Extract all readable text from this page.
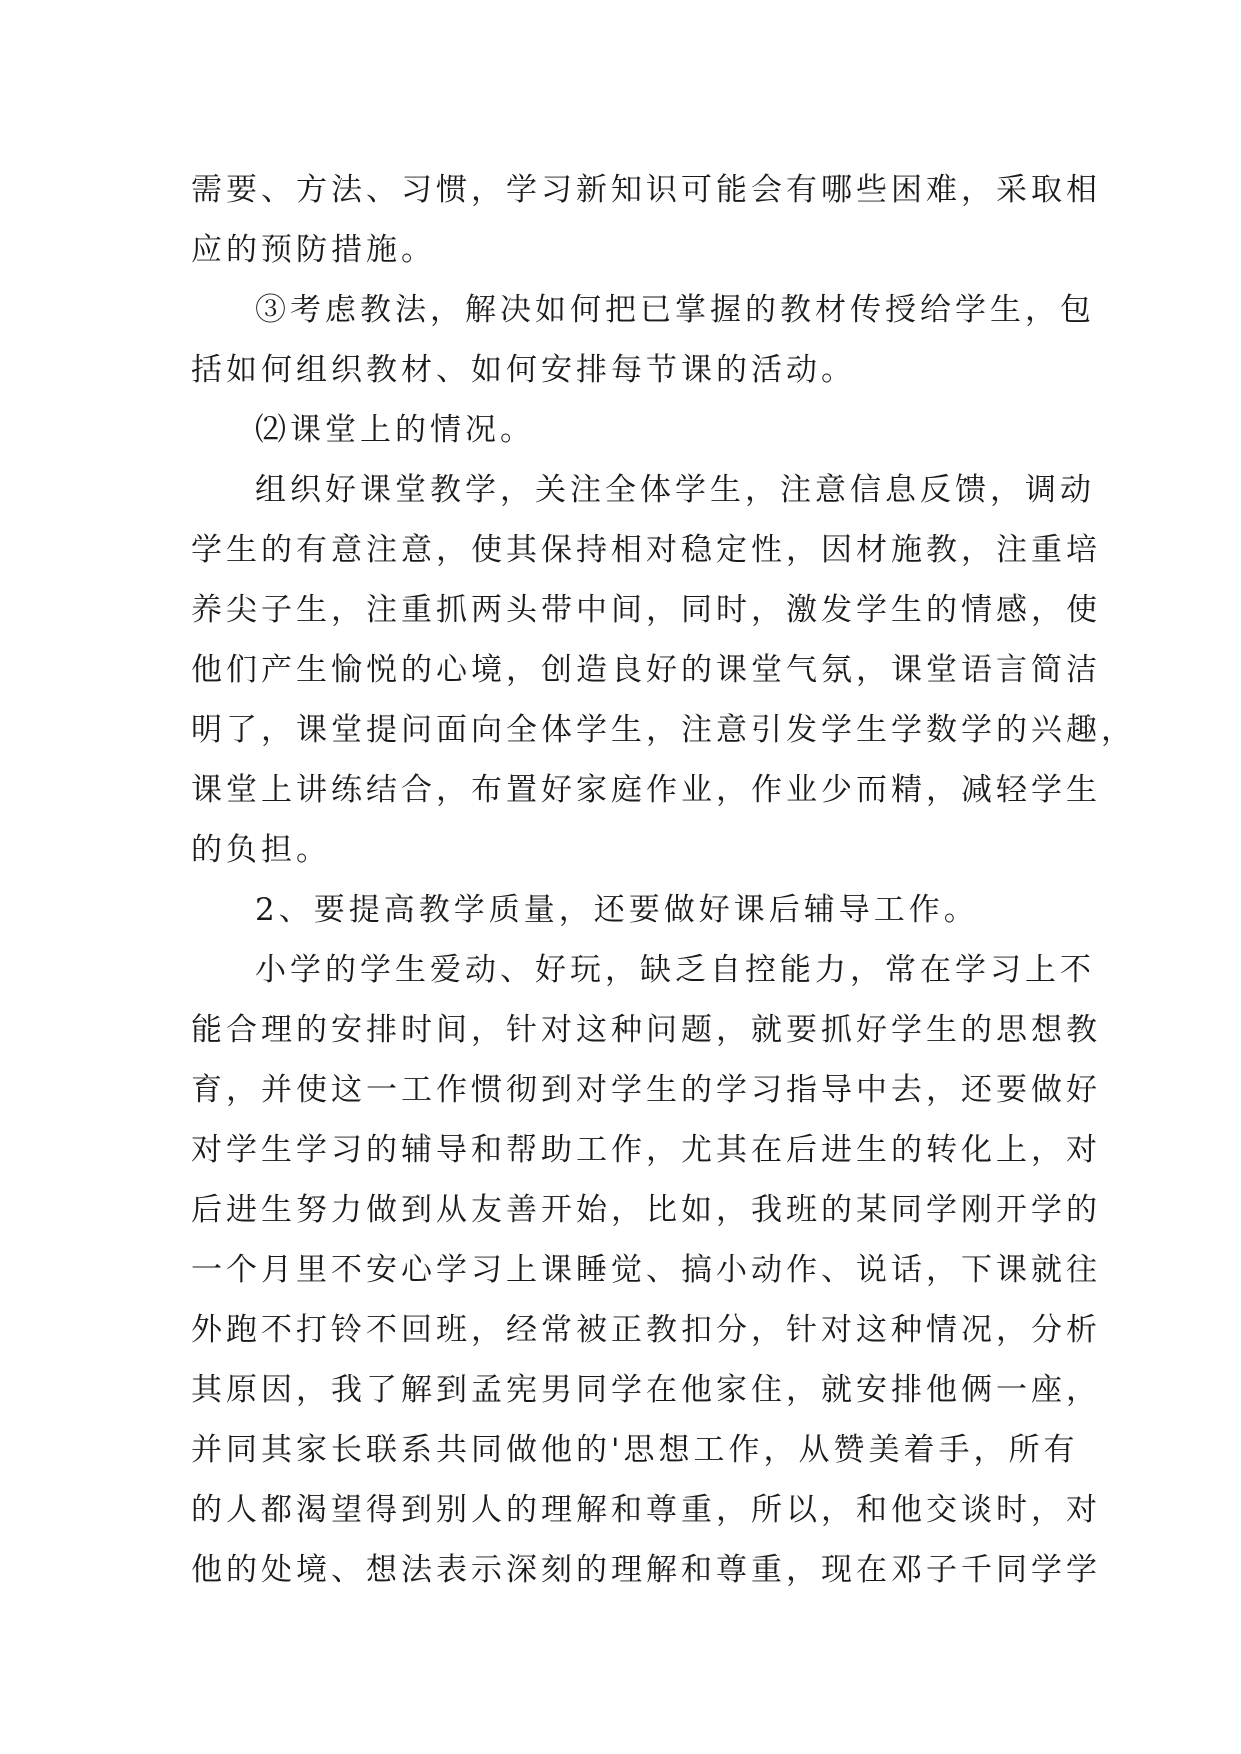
需要、方法、习惯，学习新知识可能会有哪些困难，采取相
应的预防措施。
③考虑教法，解决如何把已掌握的教材传授给学生，包
括如何组织教材、如何安排每节课的活动。
⑵课堂上的情况。
组织好课堂教学，关注全体学生，注意信息反馈，调动
学生的有意注意，使其保持相对稳定性，因材施教，注重培
养尖子生，注重抓两头带中间，同时，激发学生的情感，使
他们产生愉悦的心境，创造良好的课堂气氛，课堂语言简洁
明了，课堂提问面向全体学生，注意引发学生学数学的兴趣，
课堂上讲练结合，布置好家庭作业，作业少而精，减轻学生
的负担。
2、要提高教学质量，还要做好课后辅导工作。
小学的学生爱动、好玩，缺乏自控能力，常在学习上不
能合理的安排时间，针对这种问题，就要抓好学生的思想教
育，并使这一工作惯彻到对学生的学习指导中去，还要做好
对学生学习的辅导和帮助工作，尤其在后进生的转化上，对
后进生努力做到从友善开始，比如，我班的某同学刚开学的
一个月里不安心学习上课睡觉、搞小动作、说话，下课就往
外跑不打铃不回班，经常被正教扣分，针对这种情况，分析
其原因，我了解到孟宪男同学在他家住，就安排他俩一座，
并同其家长联系共同做他的'思想工作，从赞美着手，所有
的人都渴望得到别人的理解和尊重，所以，和他交谈时，对
他的处境、想法表示深刻的理解和尊重，现在邓子千同学学
